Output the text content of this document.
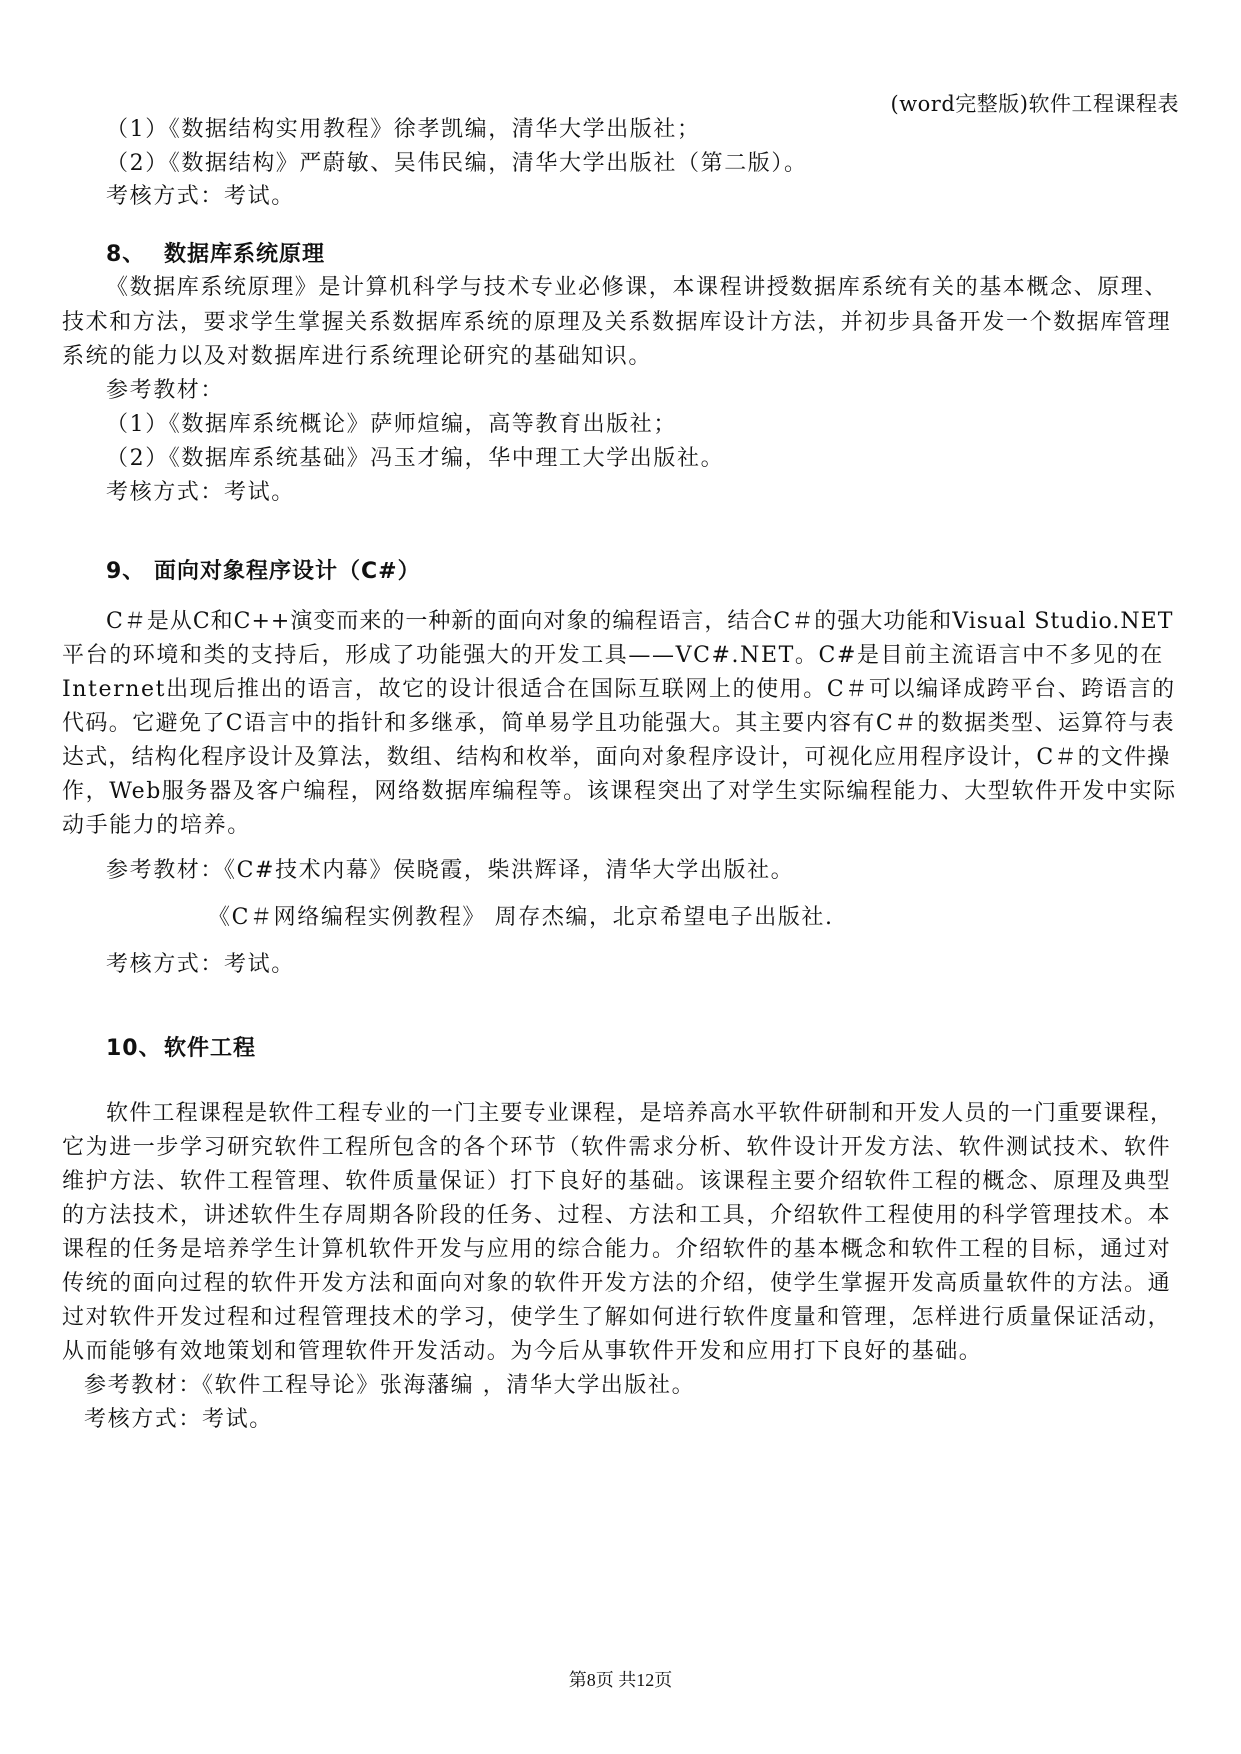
(word完整版)软件工程课程表
（1）《数据结构实用教程》徐孝凯编，清华大学出版社；
（2）《数据结构》严蔚敏、吴伟民编，清华大学出版社（第二版）。
考核方式：考试。
8、 数据库系统原理
《数据库系统原理》是计算机科学与技术专业必修课，本课程讲授数据库系统有关的基本概念、原理、
技术和方法，要求学生掌握关系数据库系统的原理及关系数据库设计方法，并初步具备开发一个数据库管理
系统的能力以及对数据库进行系统理论研究的基础知识。
参考教材：
（1）《数据库系统概论》萨师煊编，高等教育出版社；
（2）《数据库系统基础》冯玉才编，华中理工大学出版社。
考核方式：考试。
9、 面向对象程序设计（C#）
C＃是从C和C++演变而来的一种新的面向对象的编程语言，结合C＃的强大功能和Visual Studio.NET
平台的环境和类的支持后，形成了功能强大的开发工具——VC#.NET。C#是目前主流语言中不多见的在
Internet出现后推出的语言，故它的设计很适合在国际互联网上的使用。C＃可以编译成跨平台、跨语言的
代码。它避免了C语言中的指针和多继承，简单易学且功能强大。其主要内容有C＃的数据类型、运算符与表
达式，结构化程序设计及算法，数组、结构和枚举，面向对象程序设计，可视化应用程序设计，C＃的文件操
作，Web服务器及客户编程，网络数据库编程等。该课程突出了对学生实际编程能力、大型软件开发中实际
动手能力的培养。
参考教材：《C#技术内幕》侯晓霞，柴洪辉译，清华大学出版社。
《C＃网络编程实例教程》 周存杰编，北京希望电子出版社.
考核方式：考试。
10、 软件工程
软件工程课程是软件工程专业的一门主要专业课程，是培养高水平软件研制和开发人员的一门重要课程，
它为进一步学习研究软件工程所包含的各个环节（软件需求分析、软件设计开发方法、软件测试技术、软件
维护方法、软件工程管理、软件质量保证）打下良好的基础。该课程主要介绍软件工程的概念、原理及典型
的方法技术，讲述软件生存周期各阶段的任务、过程、方法和工具，介绍软件工程使用的科学管理技术。本
课程的任务是培养学生计算机软件开发与应用的综合能力。介绍软件的基本概念和软件工程的目标，通过对
传统的面向过程的软件开发方法和面向对象的软件开发方法的介绍，使学生掌握开发高质量软件的方法。通
过对软件开发过程和过程管理技术的学习，使学生了解如何进行软件度量和管理，怎样进行质量保证活动，
从而能够有效地策划和管理软件开发活动。为今后从事软件开发和应用打下良好的基础。
参考教材：《软件工程导论》张海藩编 ，清华大学出版社。
考核方式：考试。
第8页 共12页
